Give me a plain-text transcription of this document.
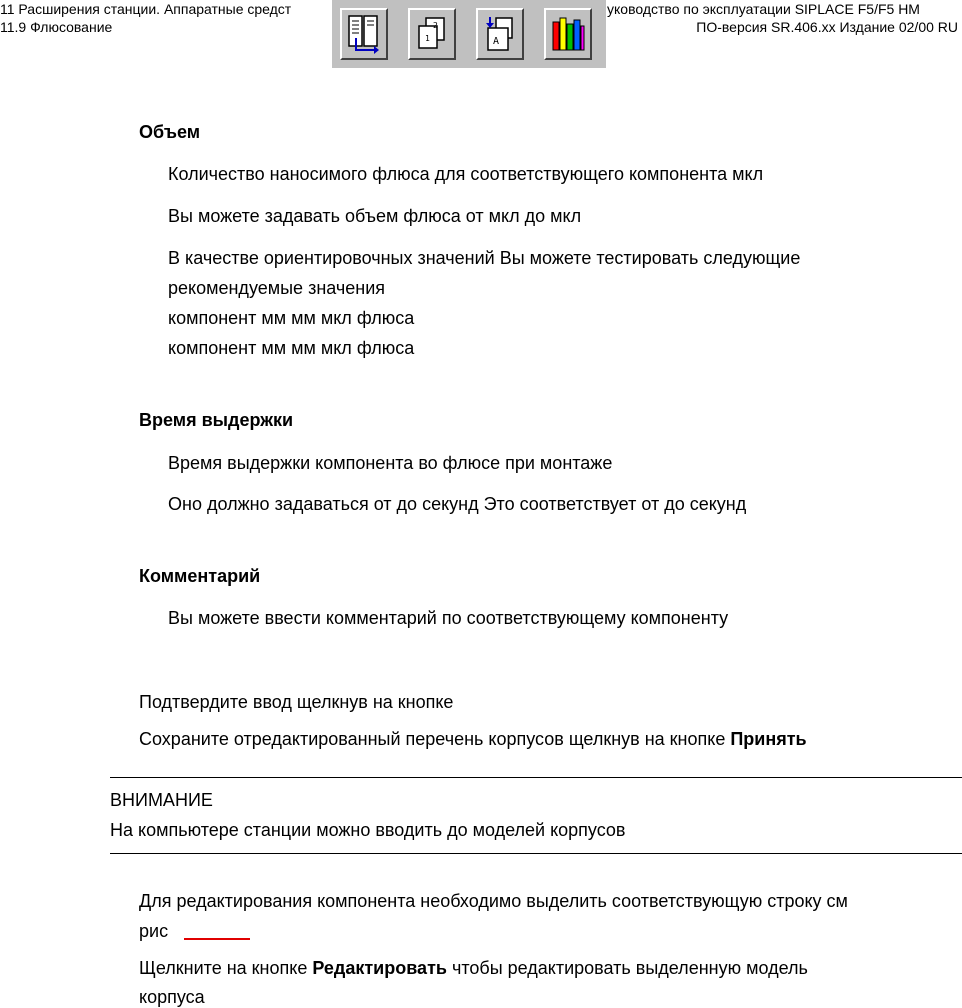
11 Расширения станции. Аппаратные средст
11.9 Флюсование
уководство по эксплуатации SIPLACE F5/F5 HM
ПО-версия SR.406.xx Издание 02/00 RU
2
1	A
Объем
Количество наносимого флюса для соответствующего компонента мкл
Вы можете задавать объем флюса от мкл до мкл
В качестве ориентировочных значений Вы можете тестировать следующие
рекомендуемые значения
компонент мм мм мкл флюса
компонент мм мм мкл флюса
Время выдержки
Время выдержки компонента во флюсе при монтаже
Оно должно задаваться от до секунд Это соответствует от до секунд
Комментарий
Вы можете ввести комментарий по соответствующему компоненту
Подтвердите ввод щелкнув на кнопке
Сохраните отредактированный перечень корпусов щелкнув на кнопке Принять
ВНИМАНИЕ
На компьютере станции можно вводить до моделей корпусов
Для редактирования компонента необходимо выделить соответствующую строку см
рис
Щелкните на кнопке Редактировать чтобы редактировать выделенную модель
корпуса
